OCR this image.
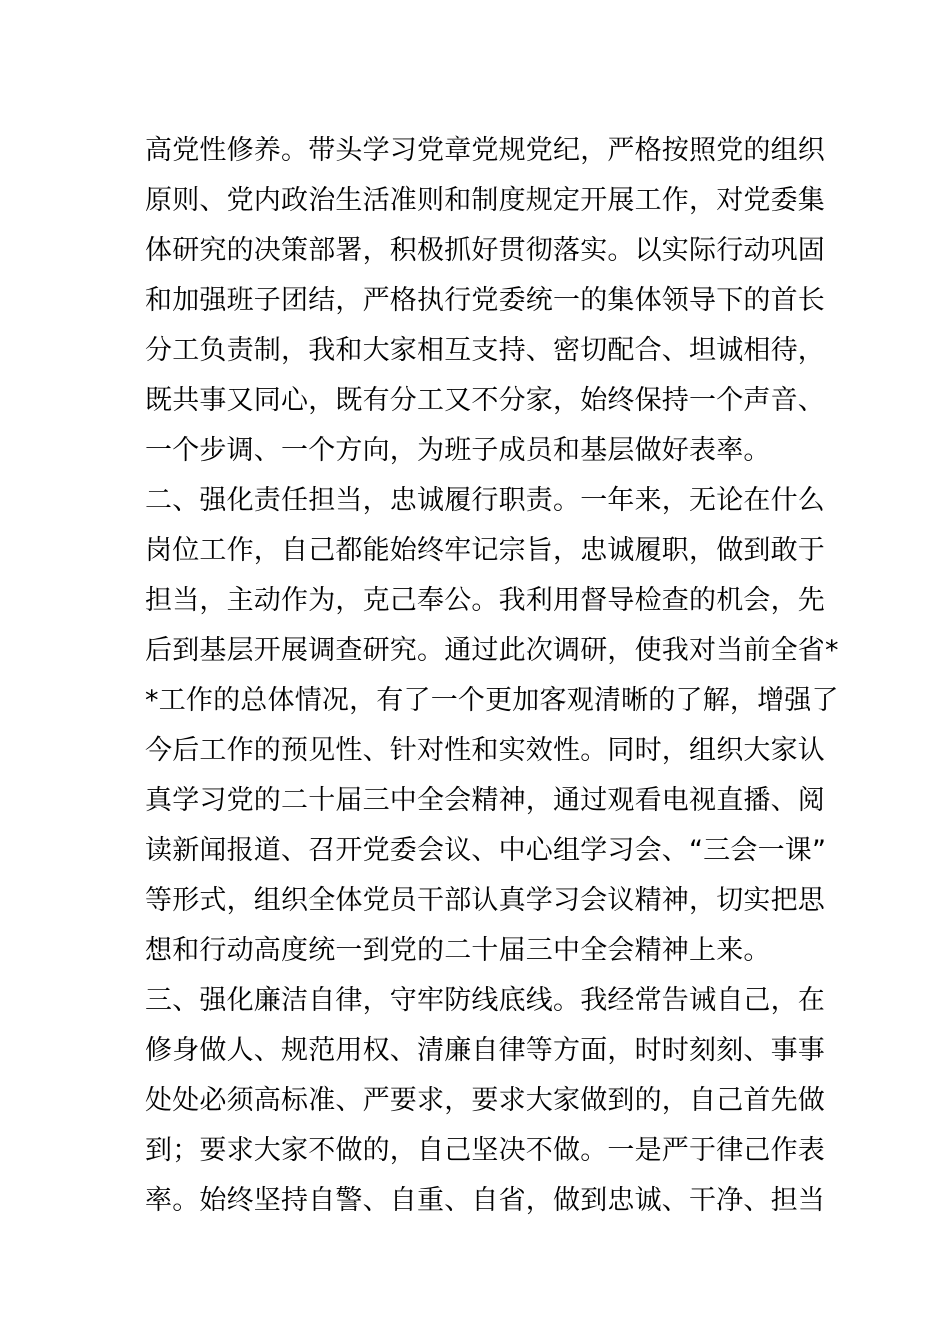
高党性修养。带头学习党章党规党纪，严格按照党的组织
原则、党内政治生活准则和制度规定开展工作，对党委集
体研究的决策部署，积极抓好贯彻落实。以实际行动巩固
和加强班子团结，严格执行党委统一的集体领导下的首长
分工负责制，我和大家相互支持、密切配合、坦诚相待，
既共事又同心，既有分工又不分家，始终保持一个声音、
一个步调、一个方向，为班子成员和基层做好表率。
二、强化责任担当，忠诚履行职责。一年来，无论在什么
岗位工作，自己都能始终牢记宗旨，忠诚履职，做到敢于
担当，主动作为，克己奉公。我利用督导检查的机会，先
后到基层开展调查研究。通过此次调研，使我对当前全省*
*工作的总体情况，有了一个更加客观清晰的了解，增强了
今后工作的预见性、针对性和实效性。同时，组织大家认
真学习党的二十届三中全会精神，通过观看电视直播、阅
读新闻报道、召开党委会议、中心组学习会、“三会一课”
等形式，组织全体党员干部认真学习会议精神，切实把思
想和行动高度统一到党的二十届三中全会精神上来。
三、强化廉洁自律，守牢防线底线。我经常告诫自己，在
修身做人、规范用权、清廉自律等方面，时时刻刻、事事
处处必须高标准、严要求，要求大家做到的，自己首先做
到；要求大家不做的，自己坚决不做。一是严于律己作表
率。始终坚持自警、自重、自省，做到忠诚、干净、担当
